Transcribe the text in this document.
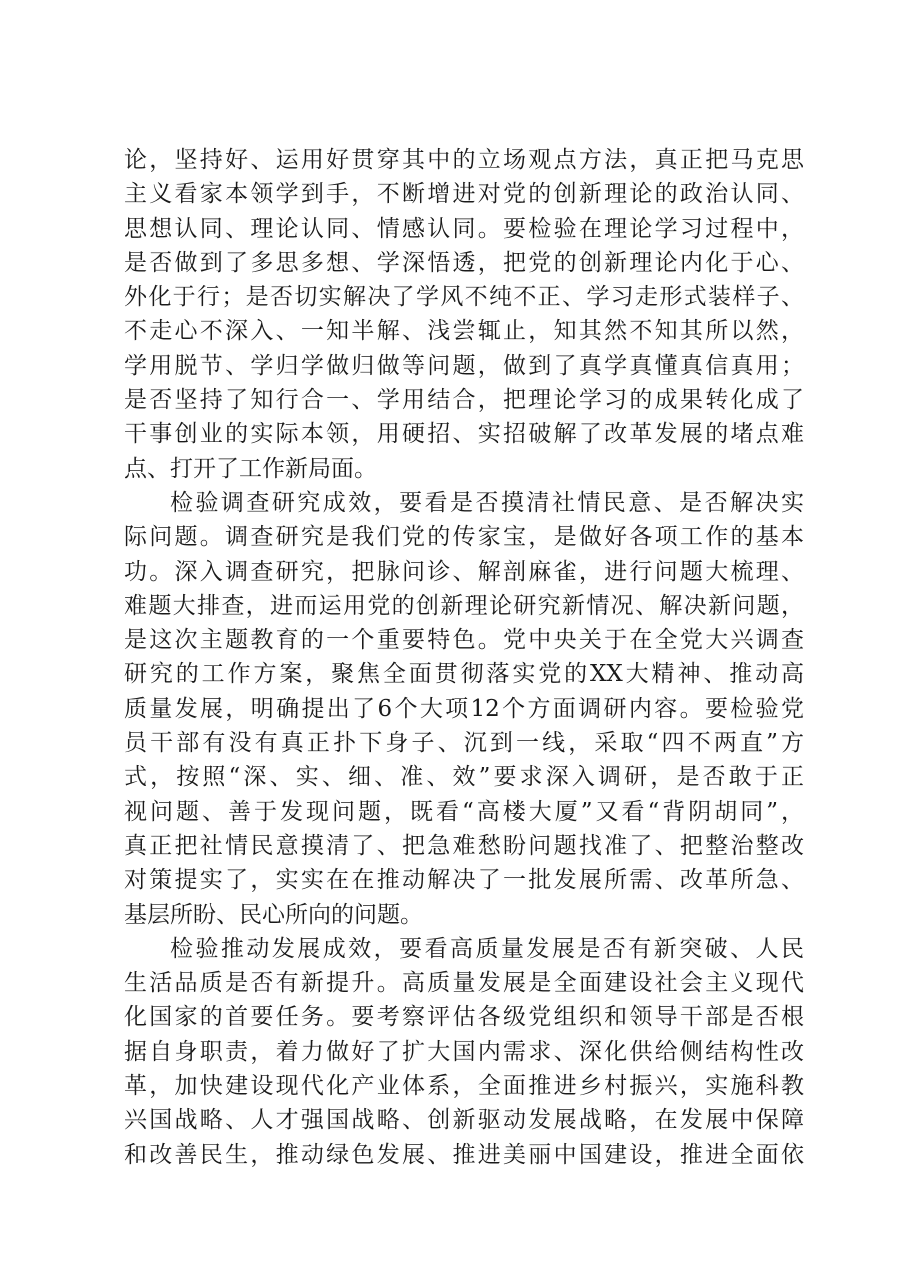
论，坚持好、运用好贯穿其中的立场观点方法，真正把马克思
主义看家本领学到手，不断增进对党的创新理论的政治认同、
思想认同、理论认同、情感认同。要检验在理论学习过程中，
是否做到了多思多想、学深悟透，把党的创新理论内化于心、
外化于行；是否切实解决了学风不纯不正、学习走形式装样子、
不走心不深入、一知半解、浅尝辄止，知其然不知其所以然，
学用脱节、学归学做归做等问题，做到了真学真懂真信真用；
是否坚持了知行合一、学用结合，把理论学习的成果转化成了
干事创业的实际本领，用硬招、实招破解了改革发展的堵点难
点、打开了工作新局面。
检验调查研究成效，要看是否摸清社情民意、是否解决实
际问题。调查研究是我们党的传家宝，是做好各项工作的基本
功。深入调查研究，把脉问诊、解剖麻雀，进行问题大梳理、
难题大排查，进而运用党的创新理论研究新情况、解决新问题，
是这次主题教育的一个重要特色。党中央关于在全党大兴调查
研究的工作方案，聚焦全面贯彻落实党的XX大精神、推动高
质量发展，明确提出了6个大项12个方面调研内容。要检验党
员干部有没有真正扑下身子、沉到一线，采取“四不两直”方
式，按照“深、实、细、准、效”要求深入调研，是否敢于正
视问题、善于发现问题，既看“高楼大厦”又看“背阴胡同”，
真正把社情民意摸清了、把急难愁盼问题找准了、把整治整改
对策提实了，实实在在推动解决了一批发展所需、改革所急、
基层所盼、民心所向的问题。
检验推动发展成效，要看高质量发展是否有新突破、人民
生活品质是否有新提升。高质量发展是全面建设社会主义现代
化国家的首要任务。要考察评估各级党组织和领导干部是否根
据自身职责，着力做好了扩大国内需求、深化供给侧结构性改
革，加快建设现代化产业体系，全面推进乡村振兴，实施科教
兴国战略、人才强国战略、创新驱动发展战略，在发展中保障
和改善民生，推动绿色发展、推进美丽中国建设，推进全面依
